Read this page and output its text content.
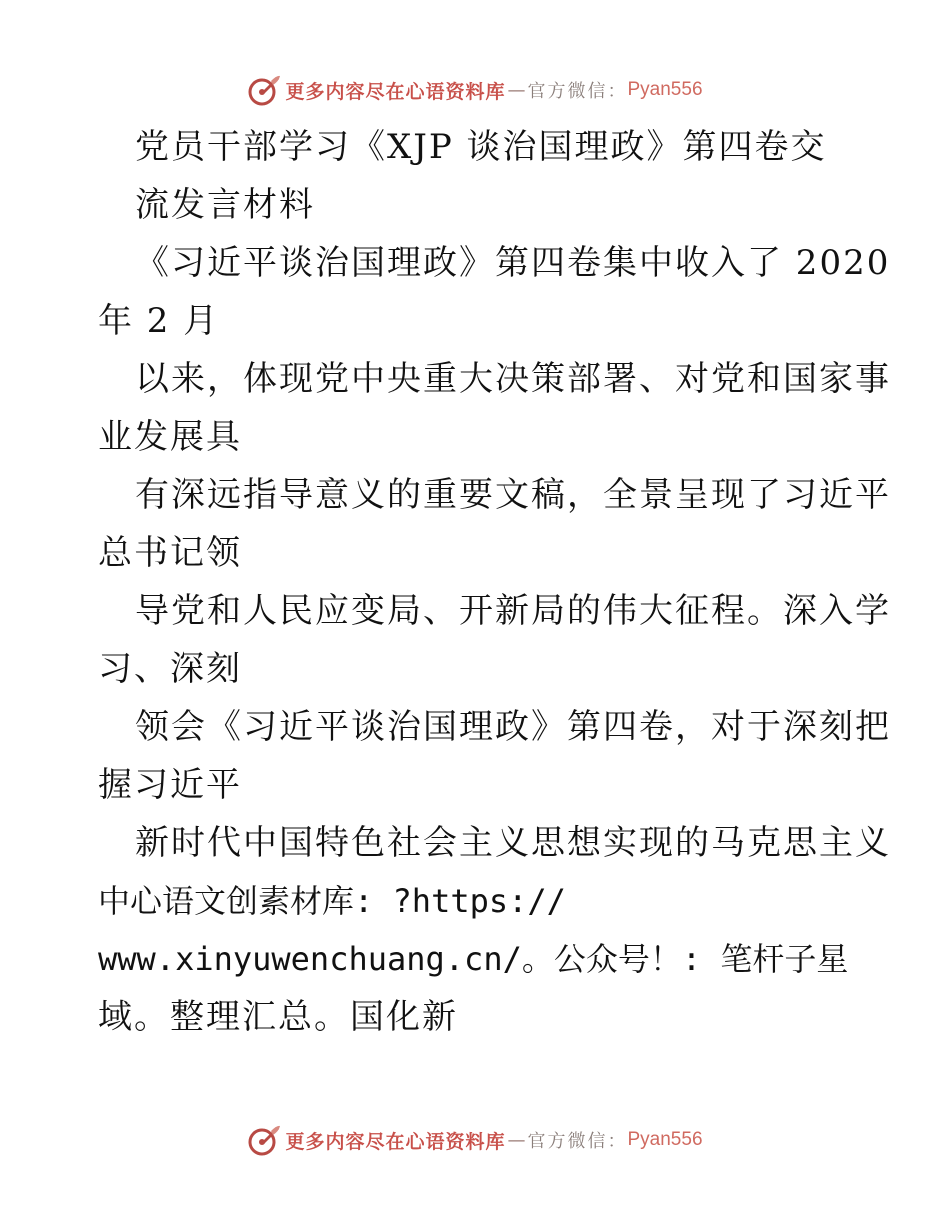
更多内容尽在心语资料库 — 官方微信： Pyan556
党员干部学习《XJP 谈治国理政》第四卷交
流发言材料
《习近平谈治国理政》第四卷集中收入了 2020
年 2 月
以来，体现党中央重大决策部署、对党和国家事
业发展具
有深远指导意义的重要文稿，全景呈现了习近平
总书记领
导党和人民应变局、开新局的伟大征程。深入学
习、深刻
领会《习近平谈治国理政》第四卷，对于深刻把
握习近平
新时代中国特色社会主义思想实现的马克思主义
中心语文创素材库: ?https://
www.xinyuwenchuang.cn/。公众号！: 笔杆子星
域。整理汇总。国化新
更多内容尽在心语资料库 — 官方微信： Pyan556
